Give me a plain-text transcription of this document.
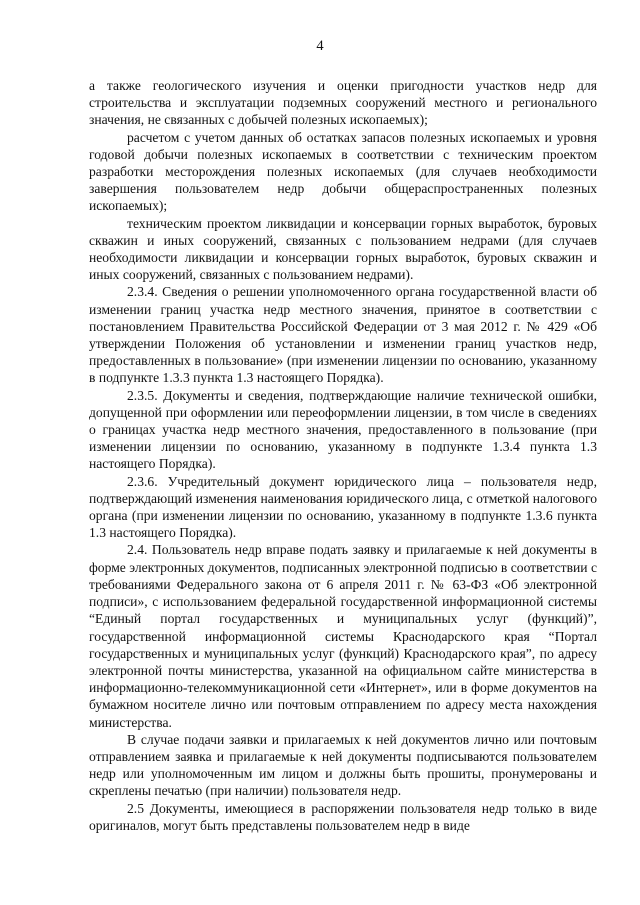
4

а также геологического изучения и оценки пригодности участков недр для строительства и эксплуатации подземных сооружений местного и регионального значения, не связанных с добычей полезных ископаемых);

расчетом с учетом данных об остатках запасов полезных ископаемых и уровня годовой добычи полезных ископаемых в соответствии с техническим проектом разработки месторождения полезных ископаемых (для случаев необходимости завершения пользователем недр добычи общераспространенных полезных ископаемых);

техническим проектом ликвидации и консервации горных выработок, буровых скважин и иных сооружений, связанных с пользованием недрами (для случаев необходимости ликвидации и консервации горных выработок, буровых скважин и иных сооружений, связанных с пользованием недрами).

2.3.4. Сведения о решении уполномоченного органа государственной власти об изменении границ участка недр местного значения, принятое в соответствии с постановлением Правительства Российской Федерации от 3 мая 2012 г. № 429 «Об утверждении Положения об установлении и изменении границ участков недр, предоставленных в пользование» (при изменении лицензии по основанию, указанному в подпункте 1.3.3 пункта 1.3 настоящего Порядка).

2.3.5. Документы и сведения, подтверждающие наличие технической ошибки, допущенной при оформлении или переоформлении лицензии, в том числе в сведениях о границах участка недр местного значения, предоставленного в пользование (при изменении лицензии по основанию, указанному в подпункте 1.3.4 пункта 1.3 настоящего Порядка).

2.3.6. Учредительный документ юридического лица – пользователя недр, подтверждающий изменения наименования юридического лица, с отметкой налогового органа (при изменении лицензии по основанию, указанному в подпункте 1.3.6 пункта 1.3 настоящего Порядка).

2.4. Пользователь недр вправе подать заявку и прилагаемые к ней документы в форме электронных документов, подписанных электронной подписью в соответствии с требованиями Федерального закона от 6 апреля 2011 г. № 63-ФЗ «Об электронной подписи», с использованием федеральной государственной информационной системы “Единый портал государственных и муниципальных услуг (функций)”, государственной информационной системы Краснодарского края “Портал государственных и муниципальных услуг (функций) Краснодарского края”, по адресу электронной почты министерства, указанной на официальном сайте министерства в информационно-телекоммуникационной сети «Интернет», или в форме документов на бумажном носителе лично или почтовым отправлением по адресу места нахождения министерства.

В случае подачи заявки и прилагаемых к ней документов лично или почтовым отправлением заявка и прилагаемые к ней документы подписываются пользователем недр или уполномоченным им лицом и должны быть прошиты, пронумерованы и скреплены печатью (при наличии) пользователя недр.

2.5 Документы, имеющиеся в распоряжении пользователя недр только в виде оригиналов, могут быть представлены пользователем недр в виде
